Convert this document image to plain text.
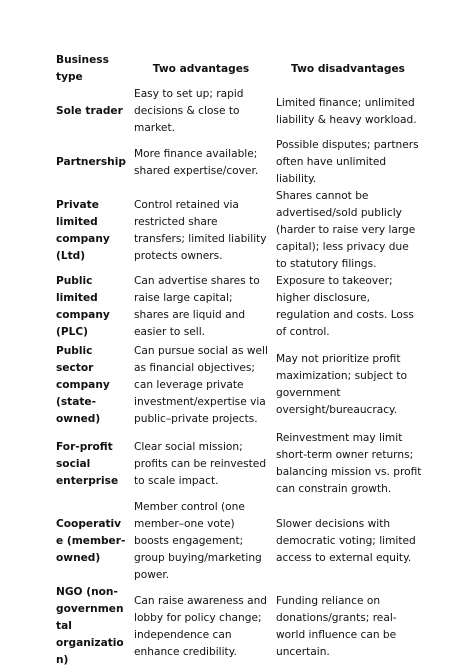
Business type	Two advantages	Two disadvantages
Sole trader	Easy to set up; rapid decisions & close to market.	Limited finance; unlimited liability & heavy workload.
Partnership	More finance available; shared expertise/cover.	Possible disputes; partners often have unlimited liability.
Private limited company (Ltd)	Control retained via restricted share transfers; limited liability protects owners.	Shares cannot be advertised/sold publicly (harder to raise very large capital); less privacy due to statutory filings.
Public limited company (PLC)	Can advertise shares to raise large capital; shares are liquid and easier to sell.	Exposure to takeover; higher disclosure, regulation and costs. Loss of control.
Public sector company (state-owned)	Can pursue social as well as financial objectives; can leverage private investment/expertise via public–private projects.	May not prioritize profit maximization; subject to government oversight/bureaucracy.
For-profit social enterprise	Clear social mission; profits can be reinvested to scale impact.	Reinvestment may limit short-term owner returns; balancing mission vs. profit can constrain growth.
Cooperative (member-owned)	Member control (one member–one vote) boosts engagement; group buying/marketing power.	Slower decisions with democratic voting; limited access to external equity.
NGO (non-governmental organization)	Can raise awareness and lobby for policy change; independence can enhance credibility.	Funding reliance on donations/grants; real-world influence can be uncertain.
